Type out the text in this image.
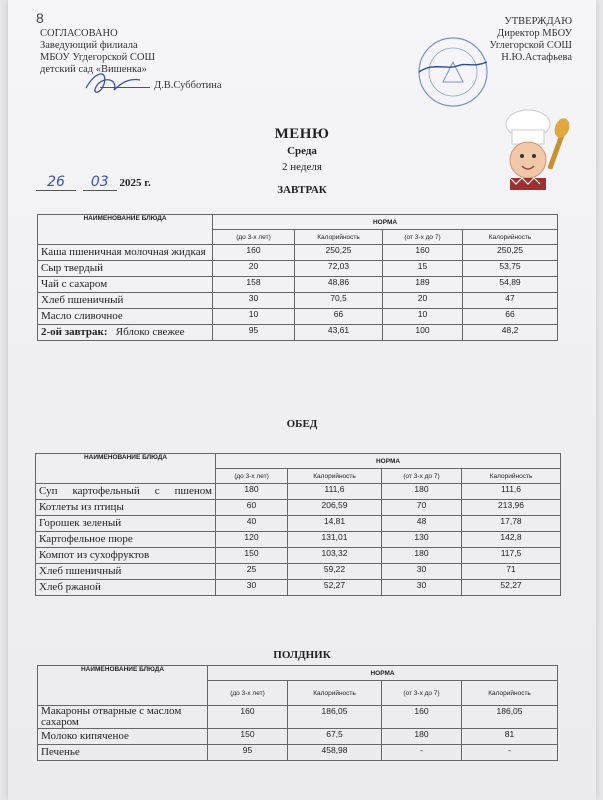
8
СОГЛАСОВАНО
Заведующий филиала
МБОУ Угдегорской СОШ
детский сад «Вишенка»
Д.В.Субботина
УТВЕРЖДАЮ
Директор МБОУ
Углегорской СОШ
Н.Ю.Астафьева
МЕНЮ
Среда
2 неделя
26 03 2025 г.
ЗАВТРАК
НАИМЕНОВАНИЕ БЛЮДА	НОРМА			
	(до 3-х лет)	Калорийность	(от 3-х до 7)	Калорийность
Каша пшеничная молочная жидкая	160	250,25	160	250,25
Сыр твердый	20	72,03	15	53,75
Чай с сахаром	158	48,86	189	54,89
Хлеб пшеничный	30	70,5	20	47
Масло сливочное	10	66	10	66
2-ой завтрак: Яблоко свежее	95	43,61	100	48,2
ОБЕД
НАИМЕНОВАНИЕ БЛЮДА	НОРМА			
	(до 3-х лет)	Калорийность	(от 3-х до 7)	Калорийность
Суп картофельный с пшеном	180	111,6	180	111,6
Котлеты из птицы	60	206,59	70	213,96
Горошек зеленый	40	14,81	48	17,78
Картофельное пюре	120	131,01	130	142,8
Компот из сухофруктов	150	103,32	180	117,5
Хлеб пшеничный	25	59,22	30	71
Хлеб ржаной	30	52,27	30	52,27
ПОЛДНИК
НАИМЕНОВАНИЕ БЛЮДА	НОРМА			
	(до 3-х лет)	Калорийность	(от 3-х до 7)	Калорийность
Макароны отварные с маслом сахаром	160	186,05	160	186,05
Молоко кипяченое	150	67,5	180	81
Печенье	95	458,98	-	-
